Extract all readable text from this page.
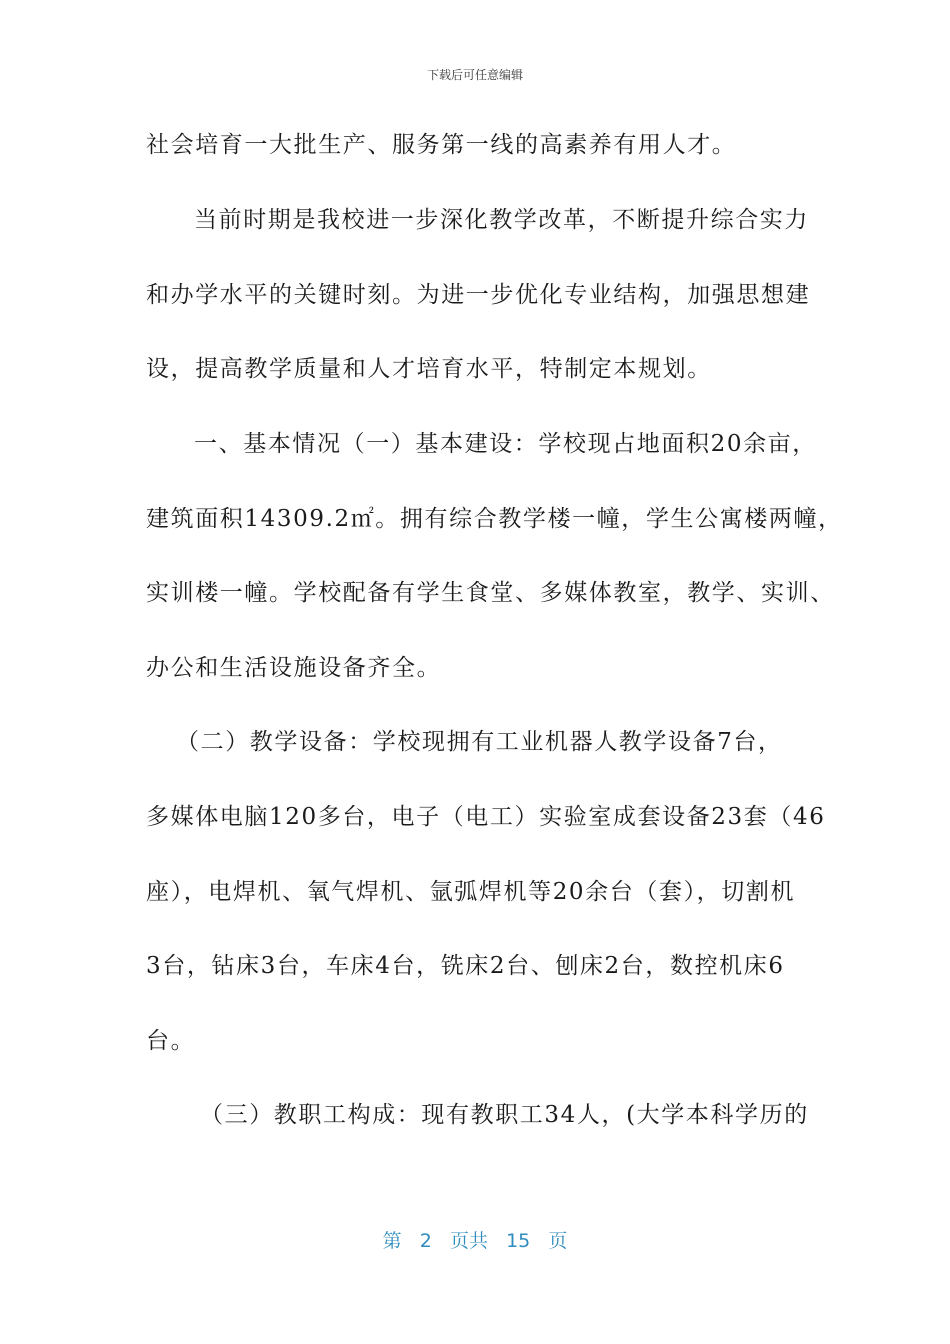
下载后可任意编辑
社会培育一大批生产、服务第一线的高素养有用人才。
当前时期是我校进一步深化教学改革，不断提升综合实力
和办学水平的关键时刻。为进一步优化专业结构，加强思想建
设，提高教学质量和人才培育水平，特制定本规划。
一、基本情况（一）基本建设：学校现占地面积20余亩，
建筑面积14309.2㎡。拥有综合教学楼一幢，学生公寓楼两幢，
实训楼一幢。学校配备有学生食堂、多媒体教室，教学、实训、
办公和生活设施设备齐全。
（二）教学设备：学校现拥有工业机器人教学设备7台，
多媒体电脑120多台，电子（电工）实验室成套设备23套（46
座），电焊机、氧气焊机、氩弧焊机等20余台（套），切割机
3台，钻床3台，车床4台，铣床2台、刨床2台，数控机床6
台。
（三）教职工构成：现有教职工34人，(大学本科学历的
第 2 页共 15 页
